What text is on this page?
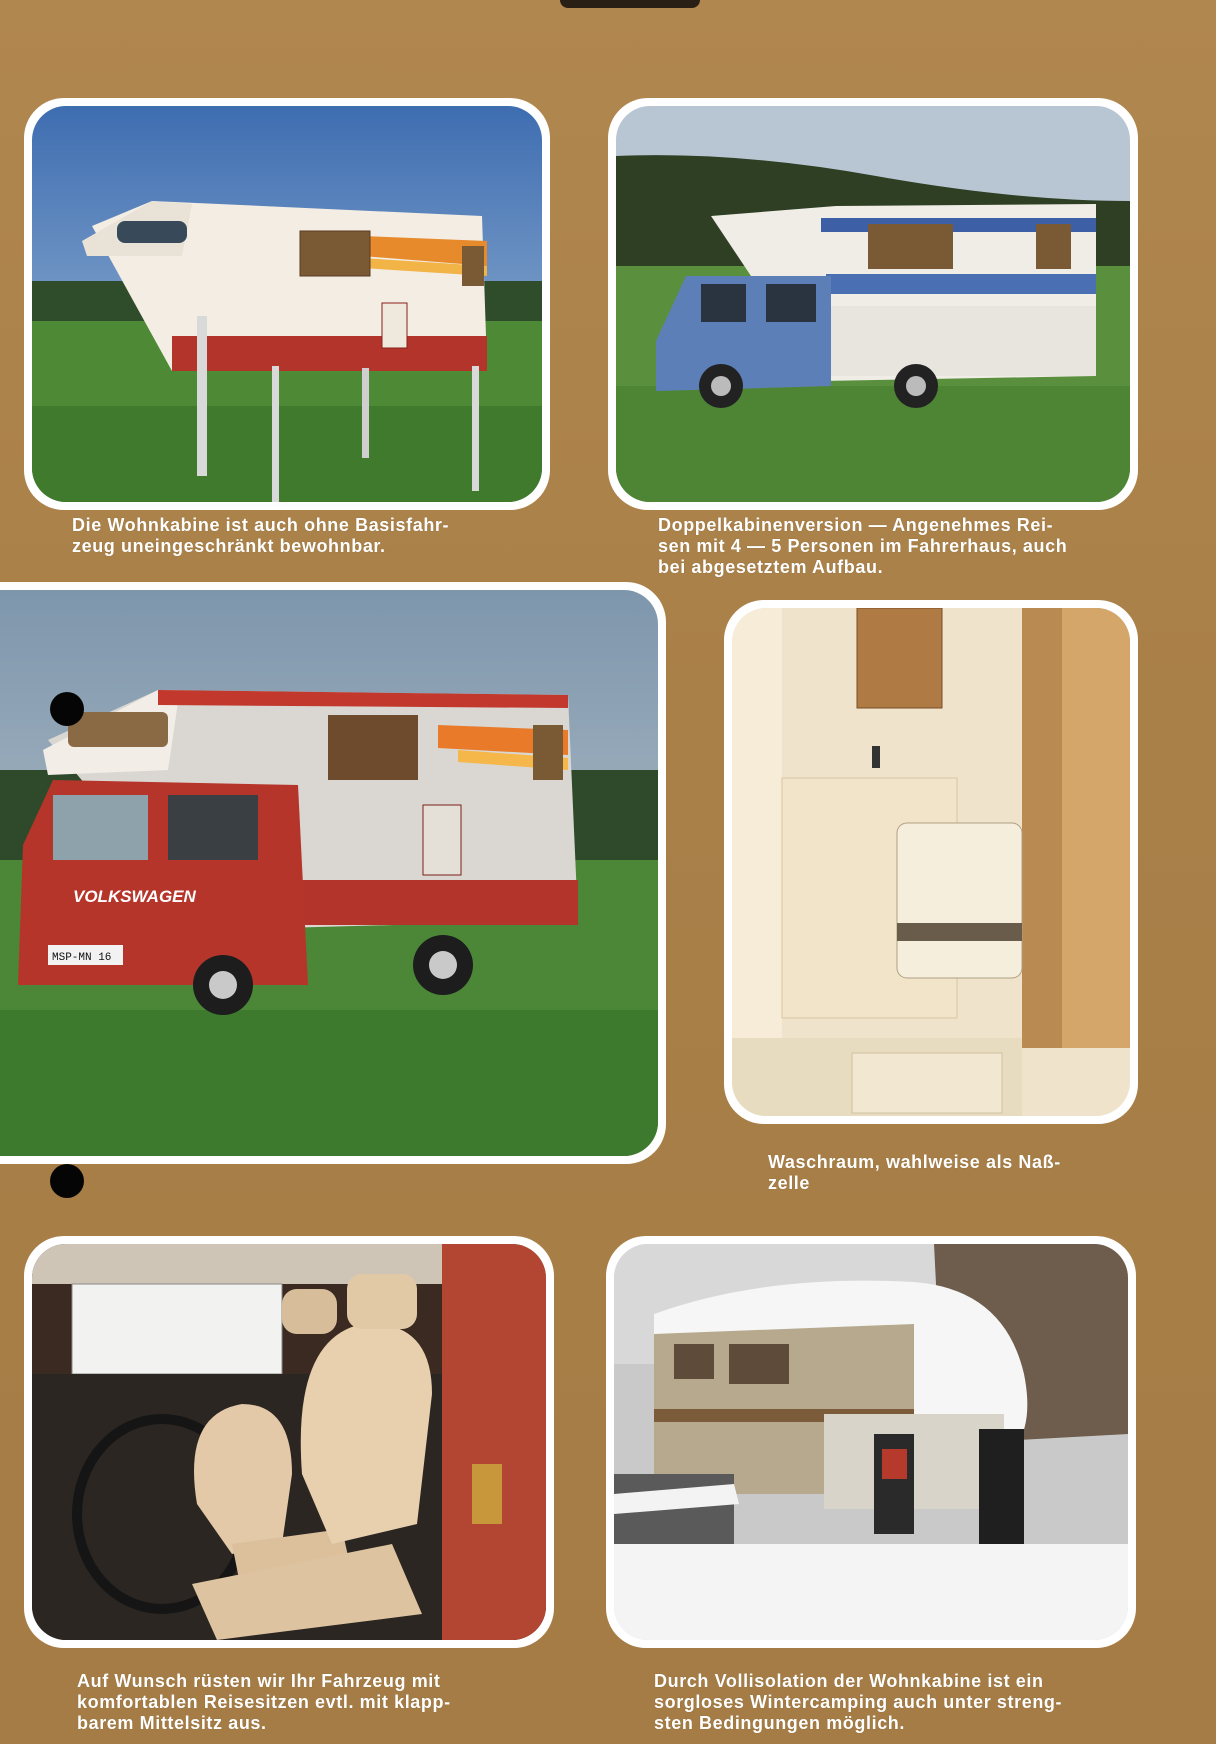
Die Wohnkabine ist auch ohne Basisfahr-
zeug uneingeschränkt bewohnbar.

Doppelkabinenversion — Angenehmes Rei-
sen mit 4 — 5 Personen im Fahrerhaus, auch
bei abgesetztem Aufbau.

VOLKSWAGEN
MSP-MN 16

Waschraum, wahlweise als Naß-
zelle

Auf Wunsch rüsten wir Ihr Fahrzeug mit
komfortablen Reisesitzen evtl. mit klapp-
barem Mittelsitz aus.

Durch Vollisolation der Wohnkabine ist ein
sorgloses Wintercamping auch unter streng-
sten Bedingungen möglich.
